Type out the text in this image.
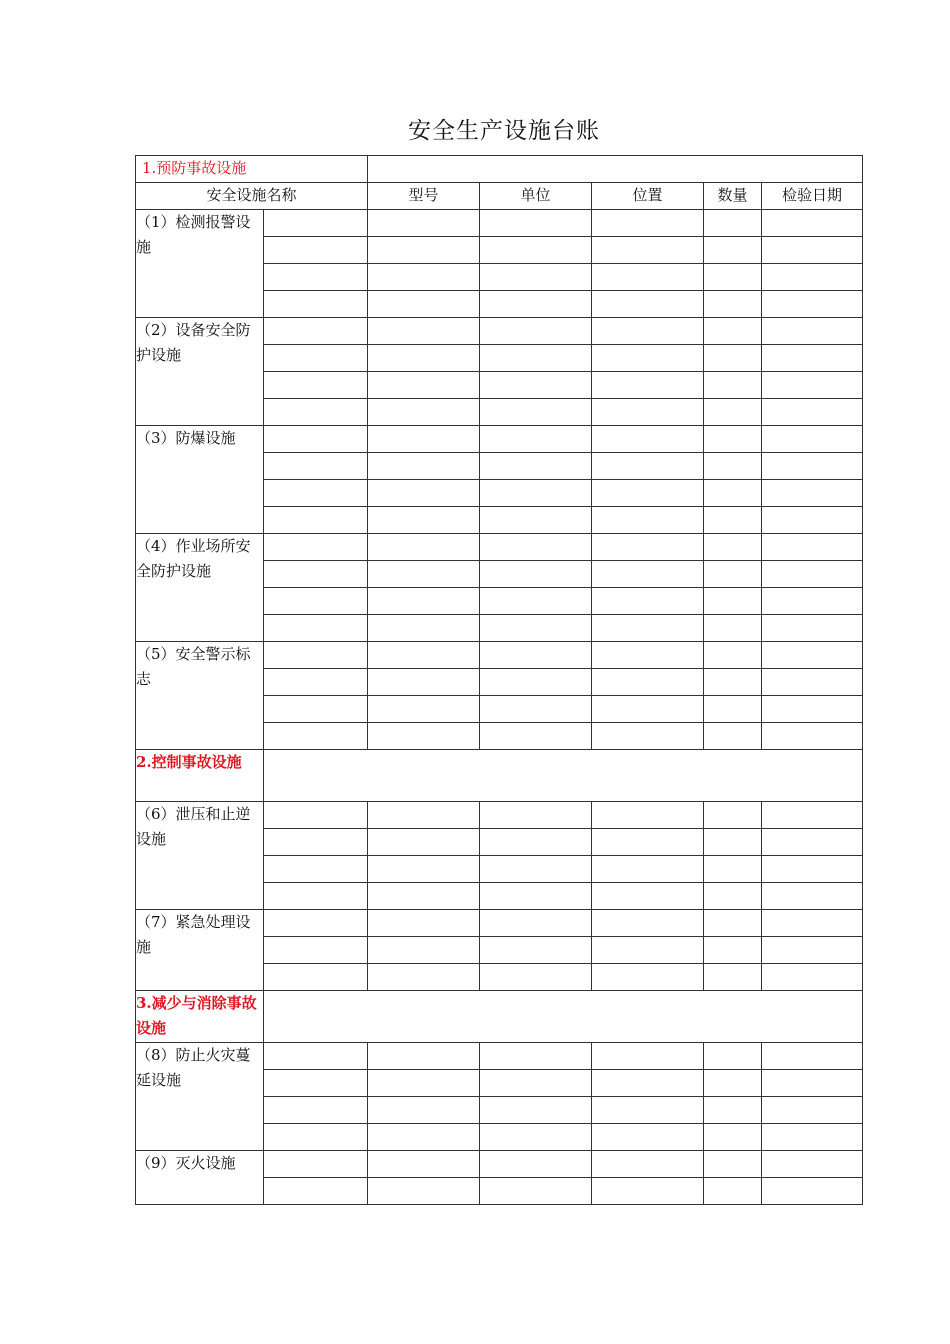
安全生产设施台账
1.预防事故设施						
安全设施名称		型号	单位	位置	数量	检验日期
（1）检测报警设施						

（2）设备安全防护设施						

（3）防爆设施						

（4）作业场所安全防护设施						

（5）安全警示标志						

2.控制事故设施						
（6）泄压和止逆设施						

（7）紧急处理设施						

3.减少与消除事故设施						
（8）防止火灾蔓延设施						

（9）灭火设施						
